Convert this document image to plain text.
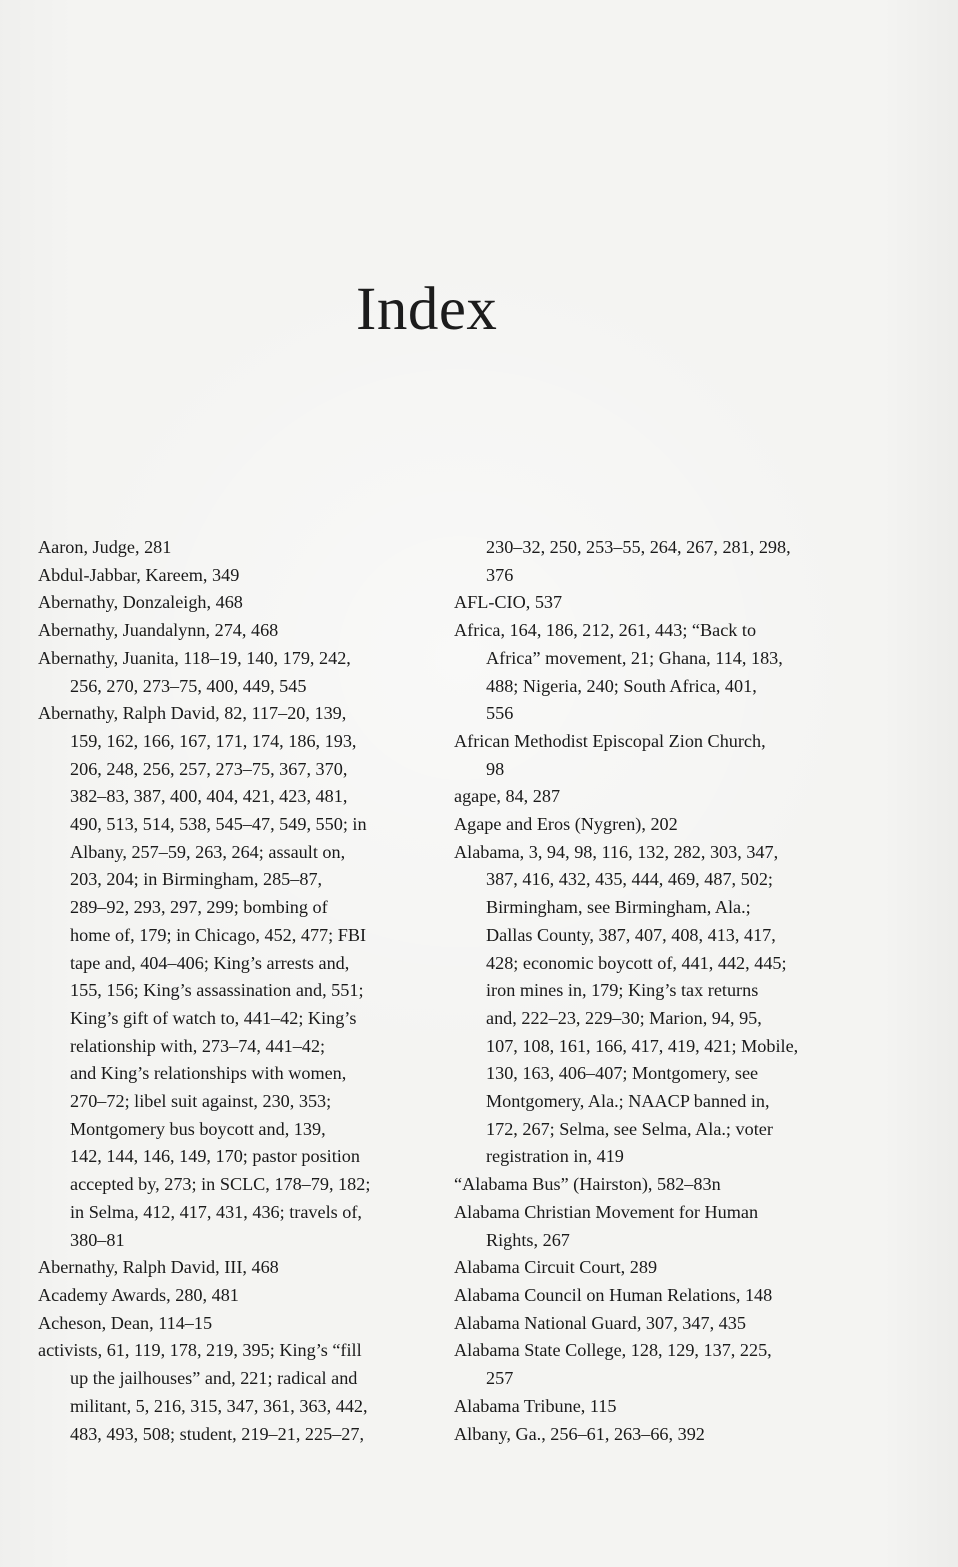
Index

Aaron, Judge, 281

Abdul-Jabbar, Kareem, 349

Abernathy, Donzaleigh, 468

Abernathy, Juandalynn, 274, 468

Abernathy, Juanita, 118–19, 140, 179, 242,
256, 270, 273–75, 400, 449, 545

Abernathy, Ralph David, 82, 117–20, 139,
159, 162, 166, 167, 171, 174, 186, 193,
206, 248, 256, 257, 273–75, 367, 370,
382–83, 387, 400, 404, 421, 423, 481,
490, 513, 514, 538, 545–47, 549, 550; in
Albany, 257–59, 263, 264; assault on,
203, 204; in Birmingham, 285–87,
289–92, 293, 297, 299; bombing of
home of, 179; in Chicago, 452, 477; FBI
tape and, 404–406; King’s arrests and,
155, 156; King’s assassination and, 551;
King’s gift of watch to, 441–42; King’s
relationship with, 273–74, 441–42;
and King’s relationships with women,
270–72; libel suit against, 230, 353;
Montgomery bus boycott and, 139,
142, 144, 146, 149, 170; pastor position
accepted by, 273; in SCLC, 178–79, 182;
in Selma, 412, 417, 431, 436; travels of,
380–81

Abernathy, Ralph David, III, 468

Academy Awards, 280, 481

Acheson, Dean, 114–15

activists, 61, 119, 178, 219, 395; King’s “fill
up the jailhouses” and, 221; radical and
militant, 5, 216, 315, 347, 361, 363, 442,
483, 493, 508; student, 219–21, 225–27,

230–32, 250, 253–55, 264, 267, 281, 298,
376

AFL-CIO, 537

Africa, 164, 186, 212, 261, 443; “Back to
Africa” movement, 21; Ghana, 114, 183,
488; Nigeria, 240; South Africa, 401,
556

African Methodist Episcopal Zion Church,
98

agape, 84, 287

Agape and Eros (Nygren), 202

Alabama, 3, 94, 98, 116, 132, 282, 303, 347,
387, 416, 432, 435, 444, 469, 487, 502;
Birmingham, see Birmingham, Ala.;
Dallas County, 387, 407, 408, 413, 417,
428; economic boycott of, 441, 442, 445;
iron mines in, 179; King’s tax returns
and, 222–23, 229–30; Marion, 94, 95,
107, 108, 161, 166, 417, 419, 421; Mobile,
130, 163, 406–407; Montgomery, see
Montgomery, Ala.; NAACP banned in,
172, 267; Selma, see Selma, Ala.; voter
registration in, 419

“Alabama Bus” (Hairston), 582–83n

Alabama Christian Movement for Human
Rights, 267

Alabama Circuit Court, 289

Alabama Council on Human Relations, 148

Alabama National Guard, 307, 347, 435

Alabama State College, 128, 129, 137, 225,
257

Alabama Tribune, 115

Albany, Ga., 256–61, 263–66, 392
